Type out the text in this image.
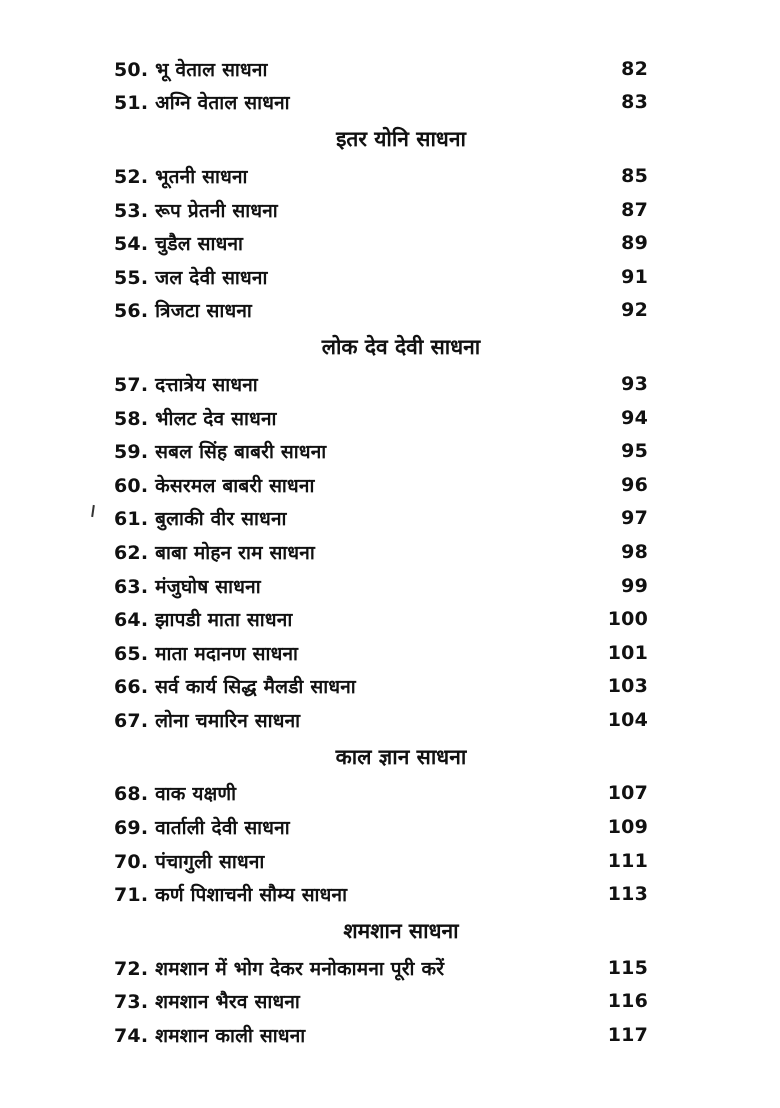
50. भू वेताल साधना	82
51. अग्नि वेताल साधना	83
इतर योनि साधना
52. भूतनी साधना	85
53. रूप प्रेतनी साधना	87
54. चुडैल साधना	89
55. जल देवी साधना	91
56. त्रिजटा साधना	92
लोक देव देवी साधना
57. दत्तात्रेय साधना	93
58. भीलट देव साधना	94
59. सबल सिंह बाबरी साधना	95
60. केसरमल बाबरी साधना	96
61. बुलाकी वीर साधना	97
62. बाबा मोहन राम साधना	98
63. मंजुघोष साधना	99
64. झापडी माता साधना	100
65. माता मदानण साधना	101
66. सर्व कार्य सिद्ध मैलडी साधना	103
67. लोना चमारिन साधना	104
काल ज्ञान साधना
68. वाक यक्षणी	107
69. वार्ताली देवी साधना	109
70. पंचागुली साधना	111
71. कर्ण पिशाचनी सौम्य साधना	113
शमशान साधना
72. शमशान में भोग देकर मनोकामना पूरी करें	115
73. शमशान भैरव साधना	116
74. शमशान काली साधना	117
